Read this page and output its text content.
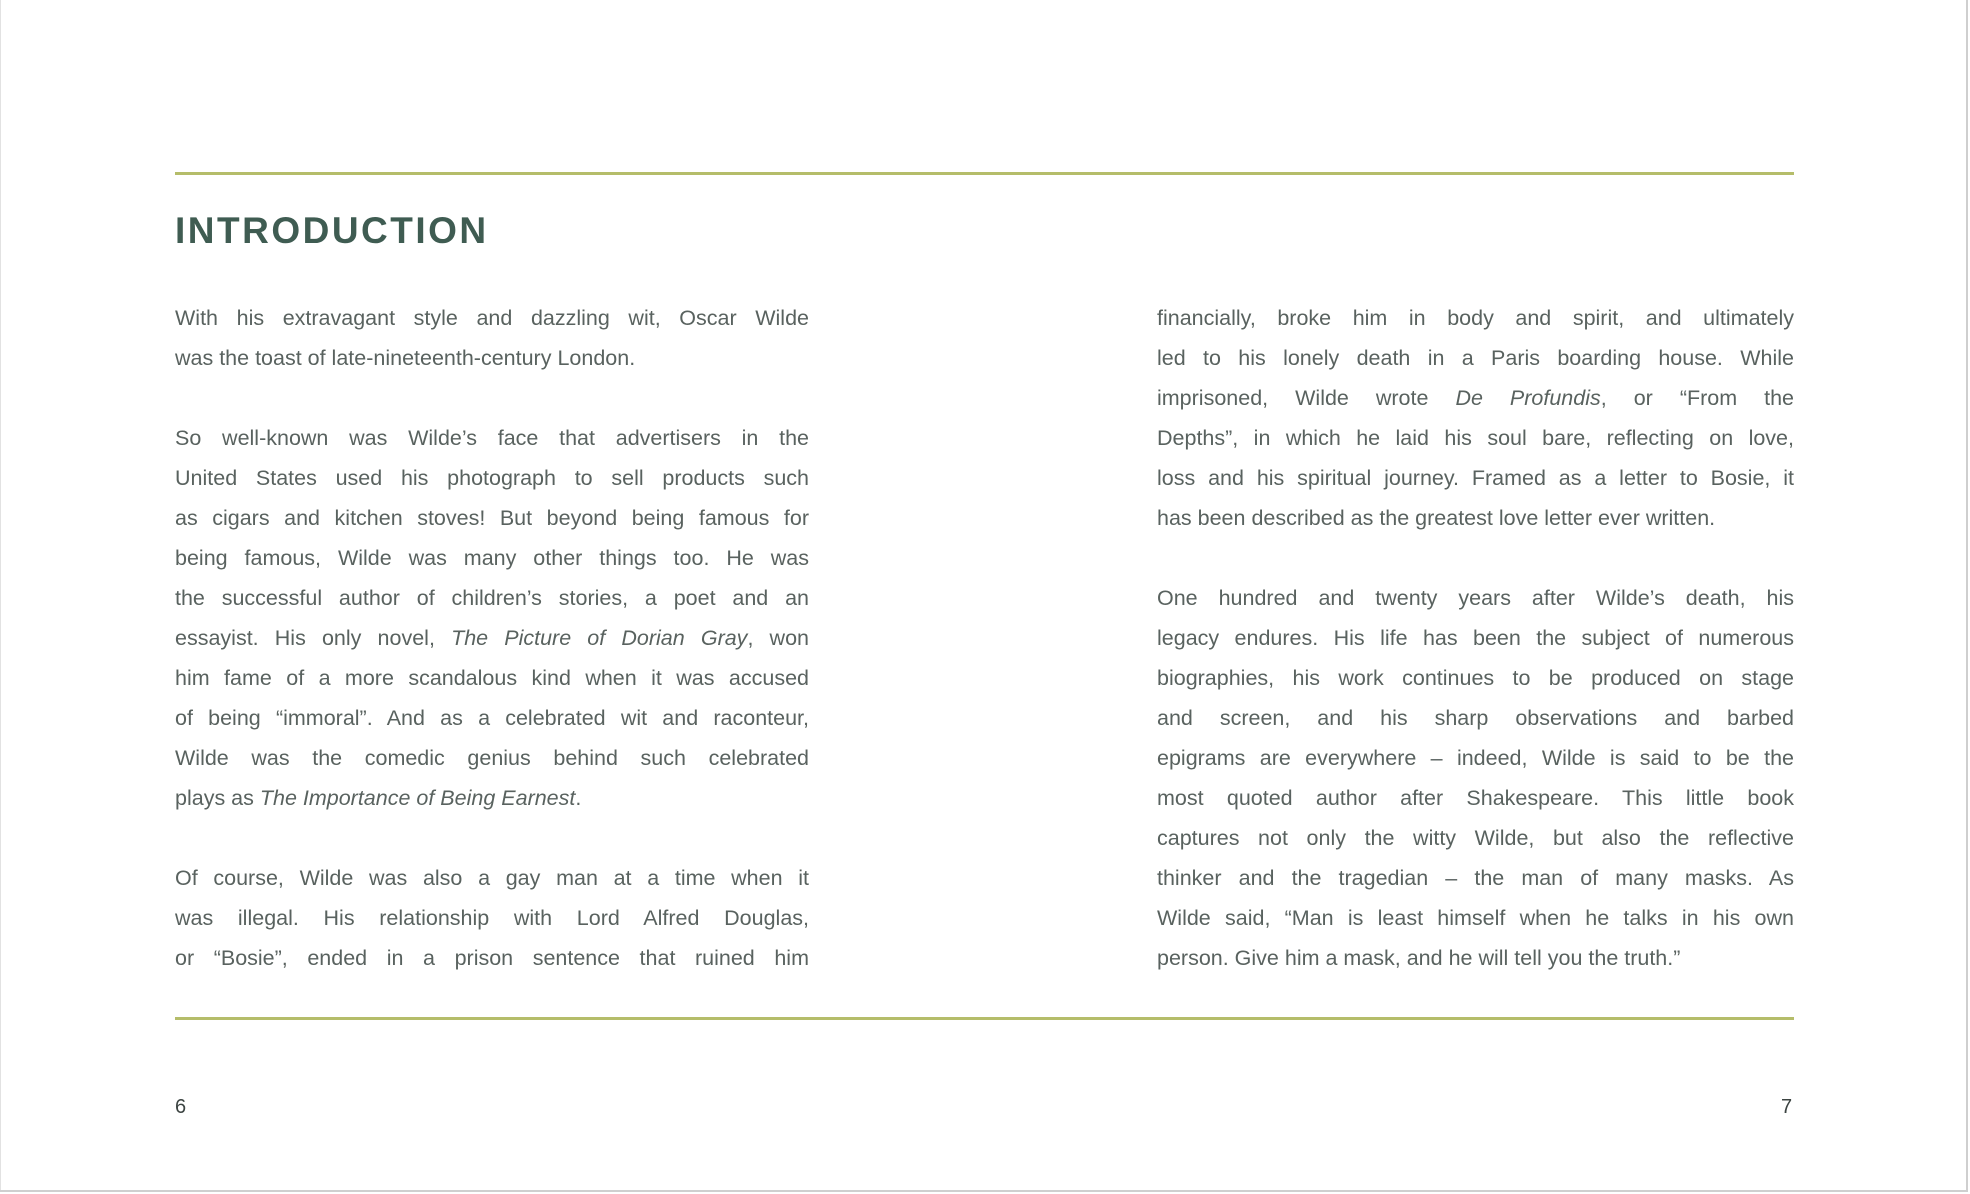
INTRODUCTION
With his extravagant style and dazzling wit, Oscar Wilde
was the toast of late-nineteenth-century London.
So well-known was Wilde’s face that advertisers in the
United States used his photograph to sell products such
as cigars and kitchen stoves! But beyond being famous for
being famous, Wilde was many other things too. He was
the successful author of children’s stories, a poet and an
essayist. His only novel, The Picture of Dorian Gray, won
him fame of a more scandalous kind when it was accused
of being “immoral”. And as a celebrated wit and raconteur,
Wilde was the comedic genius behind such celebrated
plays as The Importance of Being Earnest.
Of course, Wilde was also a gay man at a time when it
was illegal. His relationship with Lord Alfred Douglas,
or “Bosie”, ended in a prison sentence that ruined him
financially, broke him in body and spirit, and ultimately
led to his lonely death in a Paris boarding house. While
imprisoned, Wilde wrote De Profundis, or “From the
Depths”, in which he laid his soul bare, reflecting on love,
loss and his spiritual journey. Framed as a letter to Bosie, it
has been described as the greatest love letter ever written.
One hundred and twenty years after Wilde’s death, his
legacy endures. His life has been the subject of numerous
biographies, his work continues to be produced on stage
and screen, and his sharp observations and barbed
epigrams are everywhere – indeed, Wilde is said to be the
most quoted author after Shakespeare. This little book
captures not only the witty Wilde, but also the reflective
thinker and the tragedian – the man of many masks. As
Wilde said, “Man is least himself when he talks in his own
person. Give him a mask, and he will tell you the truth.”
6	7
